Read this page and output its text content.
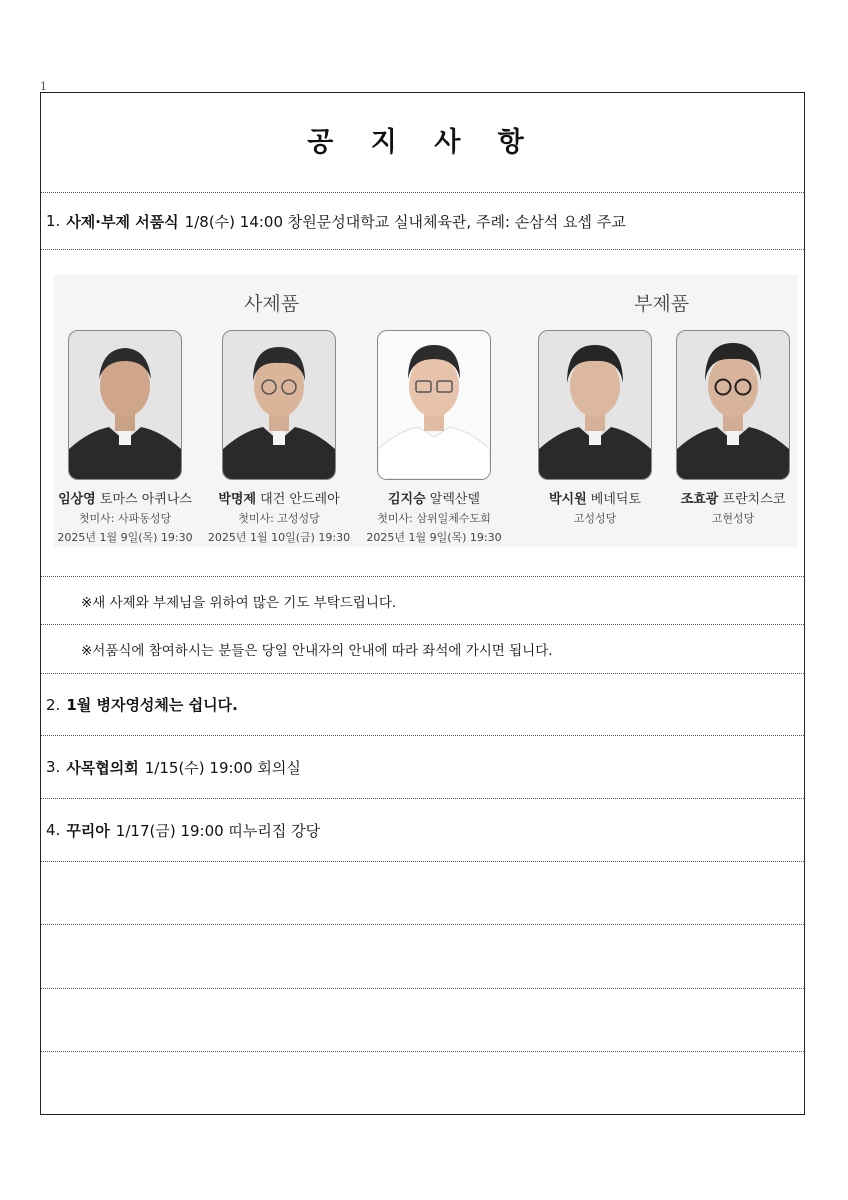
1
공 지 사 항
1. 사제·부제 서품식 1/8(수) 14:00 창원문성대학교 실내체육관, 주례: 손삼석 요셉 주교
사제품	부제품
임상영 토마스 아퀴나스
첫미사: 사파동성당
2025년 1월 9일(목) 19:30
박명제 대건 안드레아
첫미사: 고성성당
2025년 1월 10일(금) 19:30
김지승 알렉산델
첫미사: 삼위일체수도회
2025년 1월 9일(목) 19:30
박시원 베네딕토
고성성당
조효광 프란치스코
고현성당
※새 사제와 부제님을 위하여 많은 기도 부탁드립니다.
※서품식에 참여하시는 분들은 당일 안내자의 안내에 따라 좌석에 가시면 됩니다.
2. 1월 병자영성체는 쉽니다.
3. 사목협의회 1/15(수) 19:00 회의실
4. 꾸리아 1/17(금) 19:00 띠누리집 강당
